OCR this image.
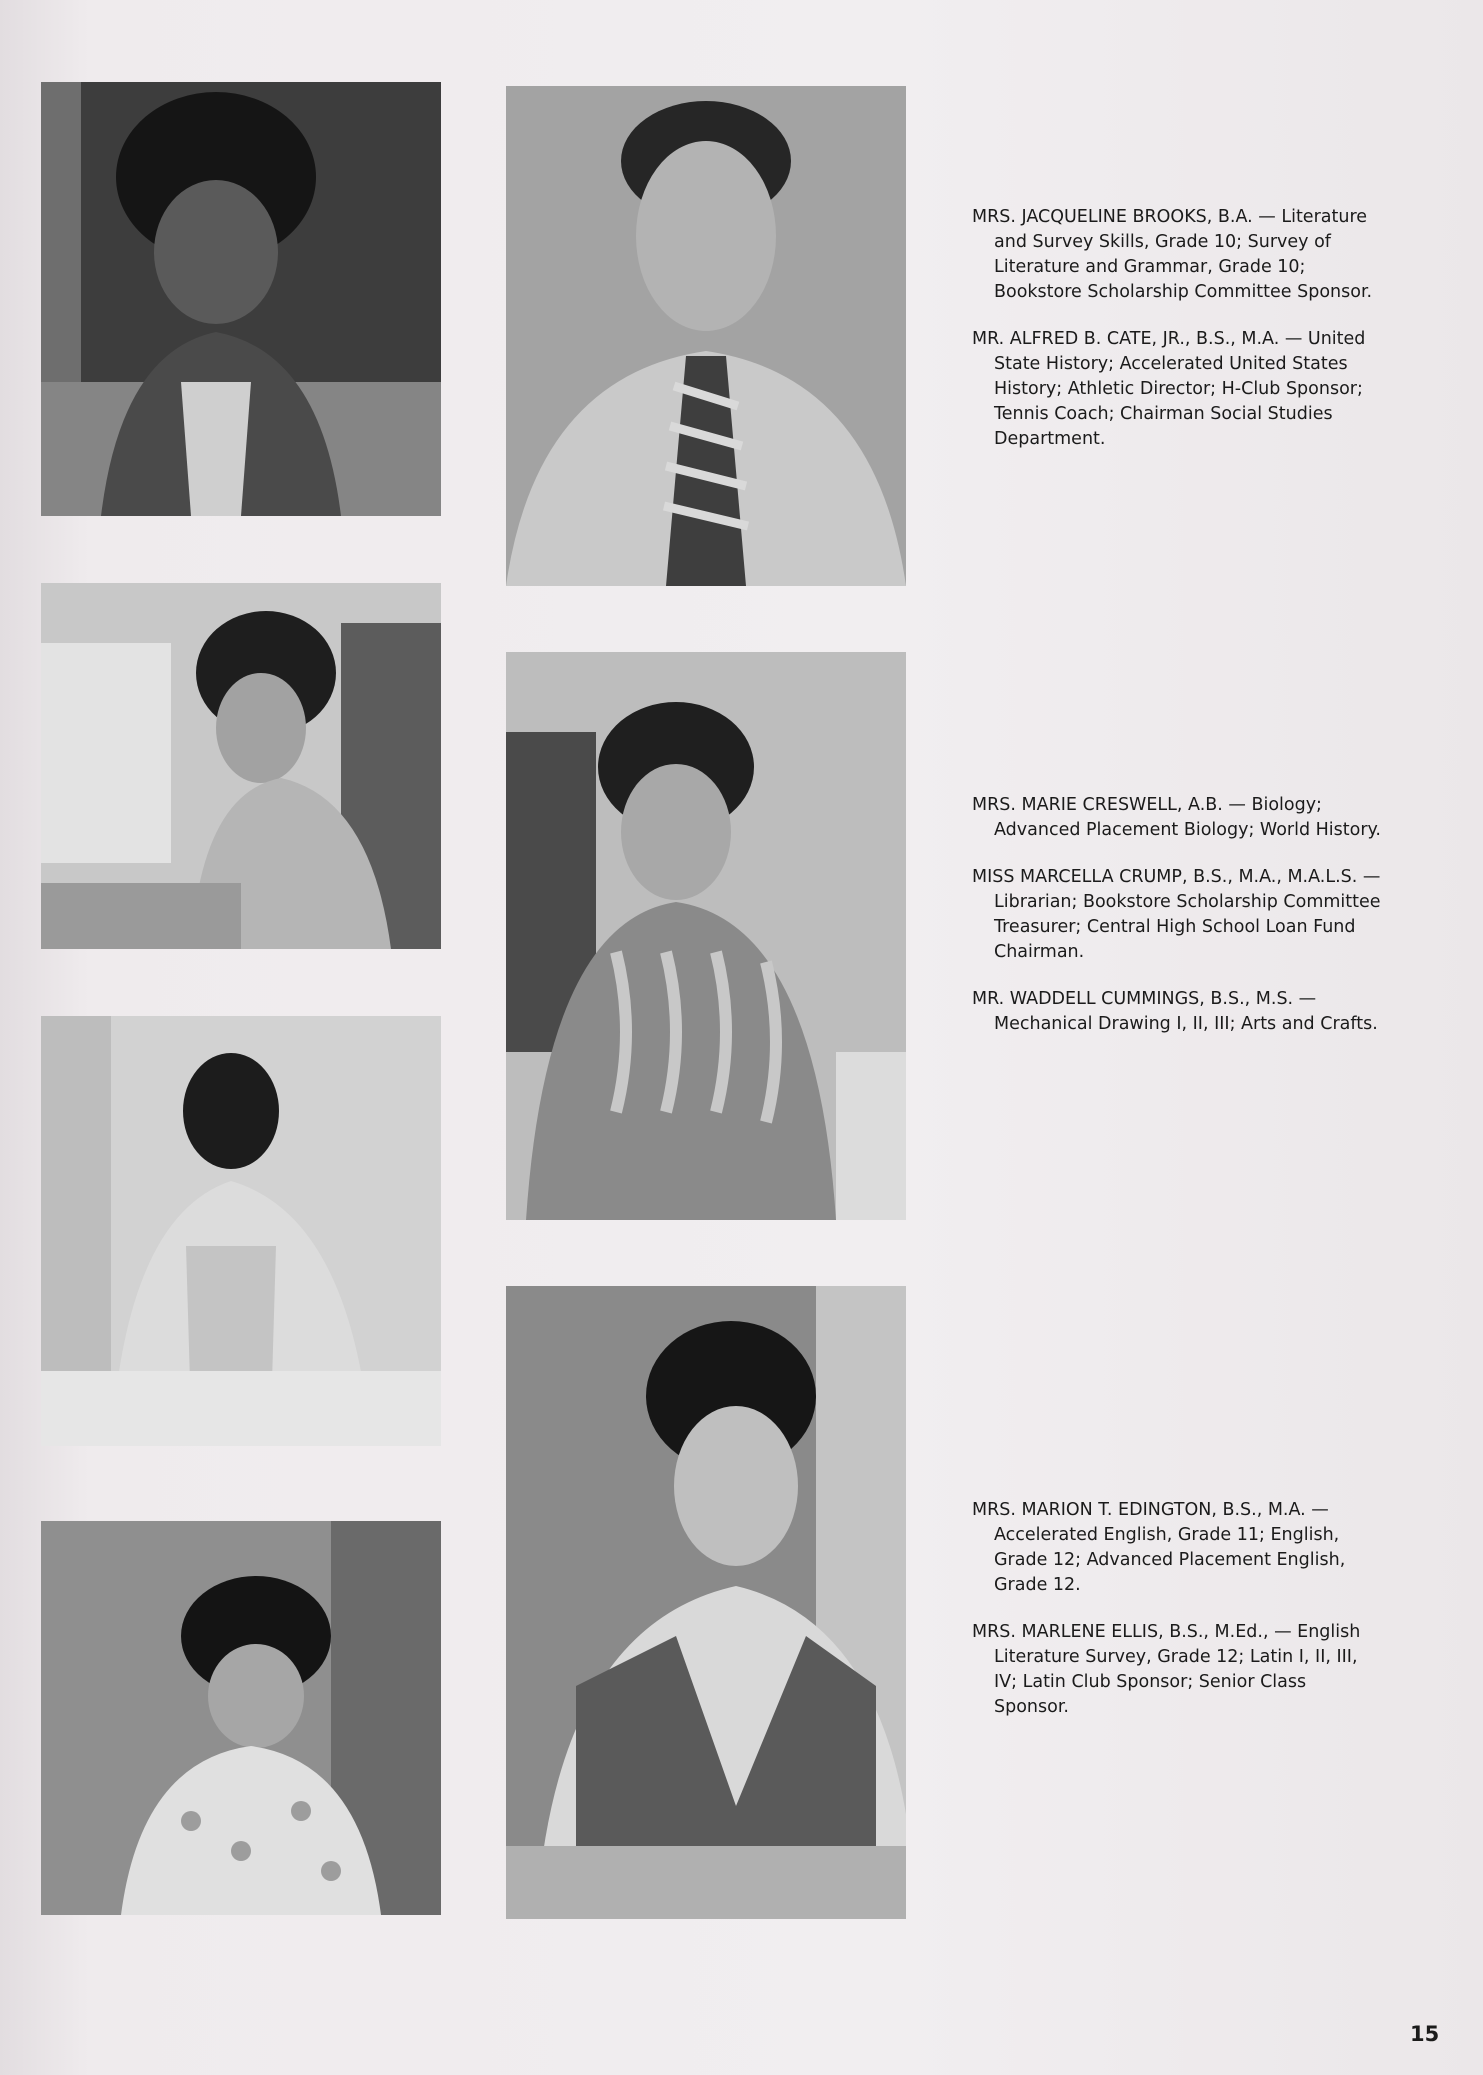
MRS. JACQUELINE BROOKS, B.A. — Literature and Survey Skills, Grade 10; Survey of Literature and Grammar, Grade 10; Bookstore Scholarship Committee Sponsor.

MR. ALFRED B. CATE, JR., B.S., M.A. — United State History; Accelerated United States History; Athletic Director; H-Club Sponsor; Tennis Coach; Chairman Social Studies Department.

MRS. MARIE CRESWELL, A.B. — Biology; Advanced Placement Biology; World History.

MISS MARCELLA CRUMP, B.S., M.A., M.A.L.S. — Librarian; Bookstore Scholarship Committee Treasurer; Central High School Loan Fund Chairman.

MR. WADDELL CUMMINGS, B.S., M.S. — Mechanical Drawing I, II, III; Arts and Crafts.

MRS. MARION T. EDINGTON, B.S., M.A. — Accelerated English, Grade 11; English, Grade 12; Advanced Placement English, Grade 12.

MRS. MARLENE ELLIS, B.S., M.Ed., — English Literature Survey, Grade 12; Latin I, II, III, IV; Latin Club Sponsor; Senior Class Sponsor.

15
